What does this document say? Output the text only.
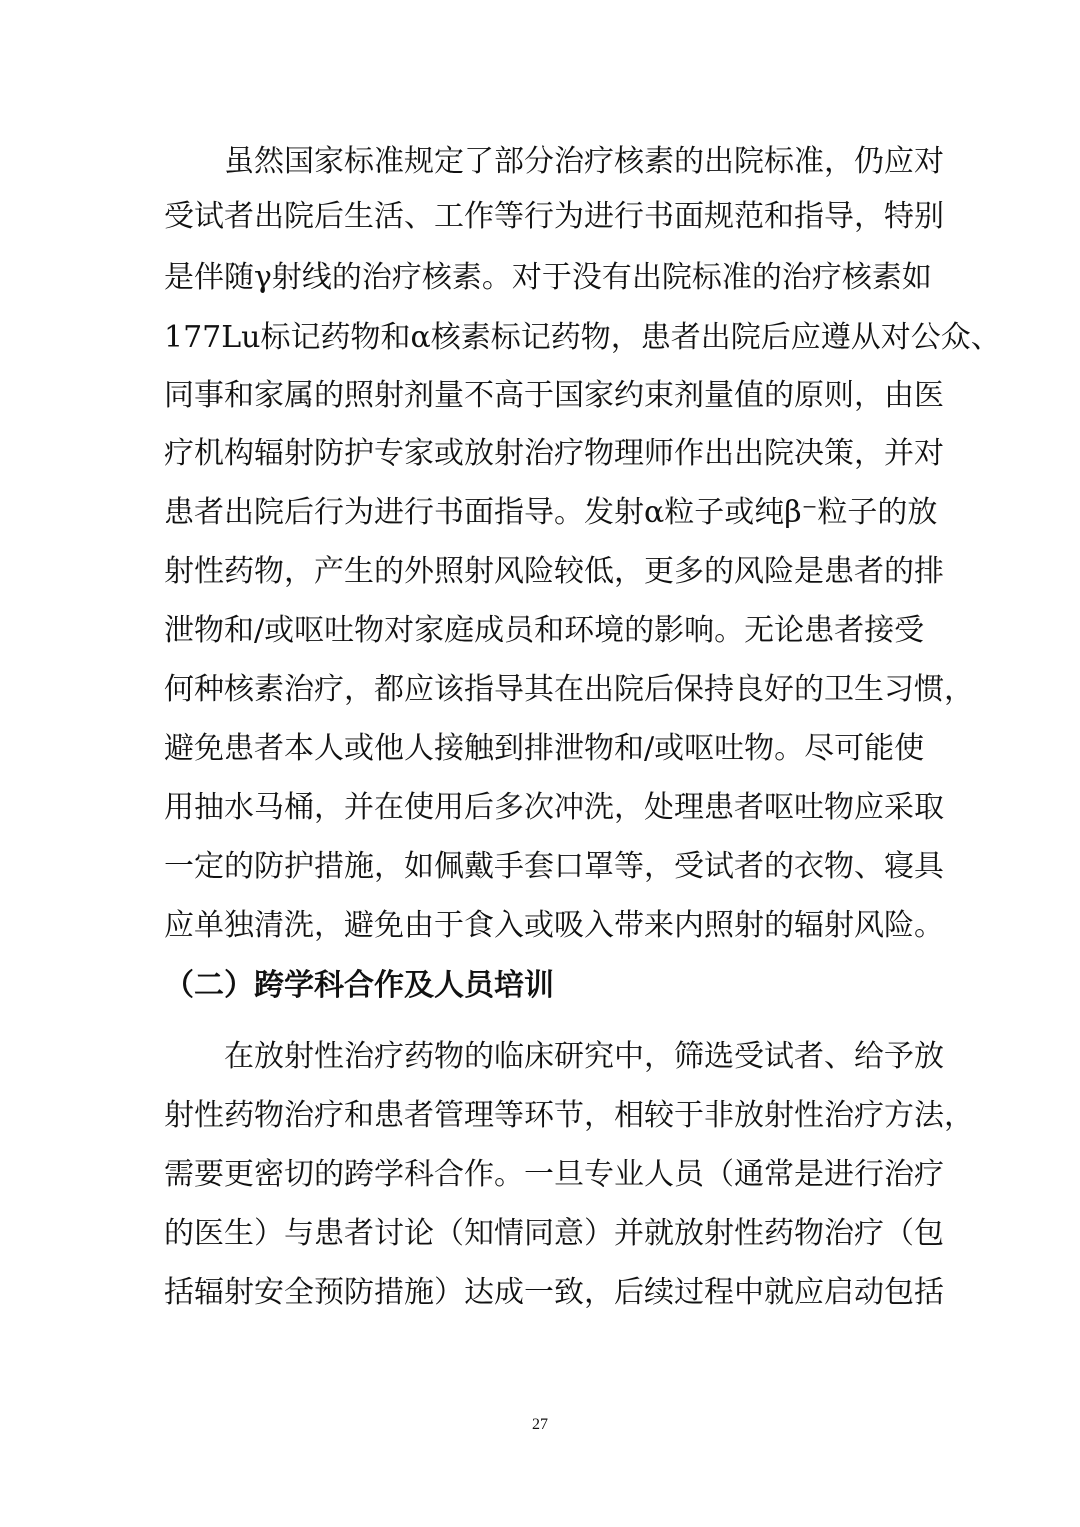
　　虽然国家标准规定了部分治疗核素的出院标准，仍应对
受试者出院后生活、工作等行为进行书面规范和指导，特别
是伴随γ射线的治疗核素。对于没有出院标准的治疗核素如
177Lu标记药物和α核素标记药物，患者出院后应遵从对公众、
同事和家属的照射剂量不高于国家约束剂量值的原则，由医
疗机构辐射防护专家或放射治疗物理师作出出院决策，并对
患者出院后行为进行书面指导。发射α粒子或纯β⁻粒子的放
射性药物，产生的外照射风险较低，更多的风险是患者的排
泄物和/或呕吐物对家庭成员和环境的影响。无论患者接受
何种核素治疗，都应该指导其在出院后保持良好的卫生习惯，
避免患者本人或他人接触到排泄物和/或呕吐物。尽可能使
用抽水马桶，并在使用后多次冲洗，处理患者呕吐物应采取
一定的防护措施，如佩戴手套口罩等，受试者的衣物、寝具
应单独清洗，避免由于食入或吸入带来内照射的辐射风险。
（二）跨学科合作及人员培训
　　在放射性治疗药物的临床研究中，筛选受试者、给予放
射性药物治疗和患者管理等环节，相较于非放射性治疗方法，
需要更密切的跨学科合作。一旦专业人员（通常是进行治疗
的医生）与患者讨论（知情同意）并就放射性药物治疗（包
括辐射安全预防措施）达成一致，后续过程中就应启动包括
27
